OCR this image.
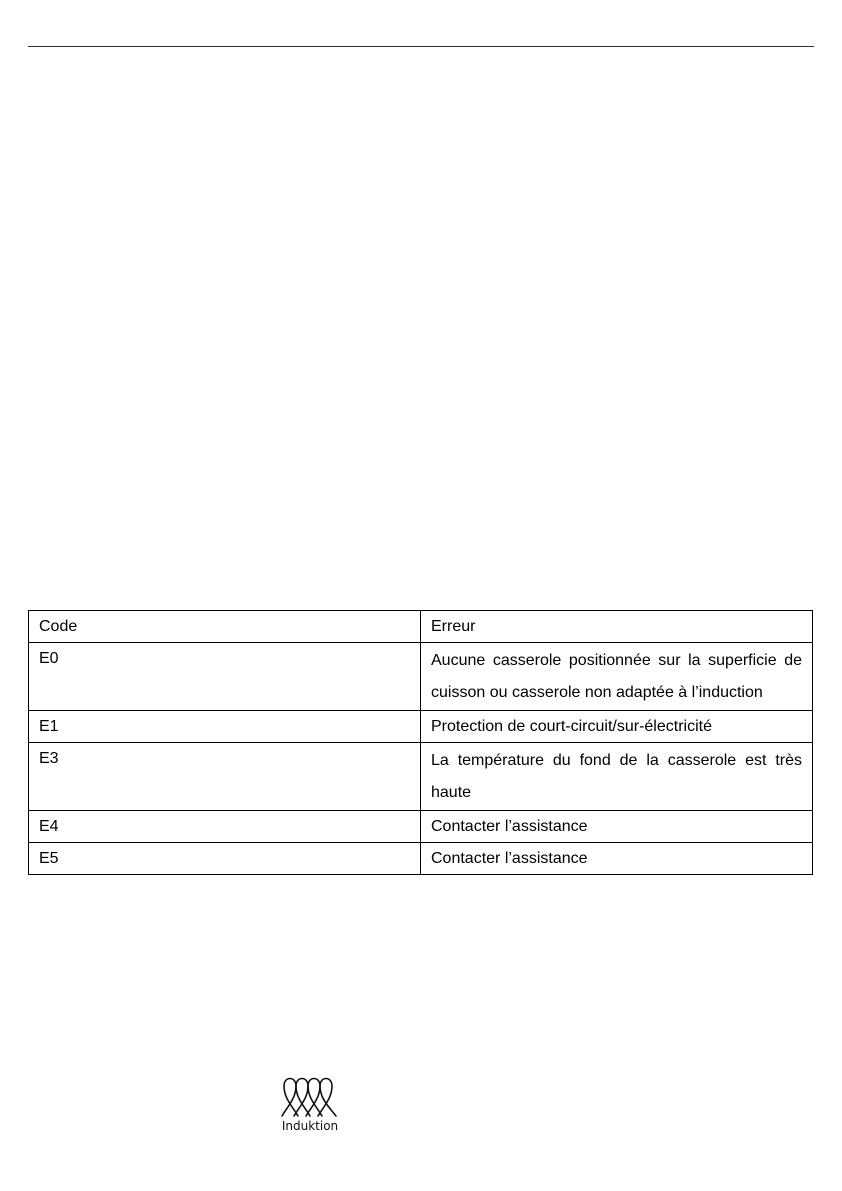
Code	Erreur
E0	Aucune casserole positionnée sur la superficie de cuisson ou casserole non adaptée à l’induction
E1	Protection de court-circuit/sur-électricité
E3	La température du fond de la casserole est très haute
E4	Contacter l’assistance
E5	Contacter l’assistance
Induktion
